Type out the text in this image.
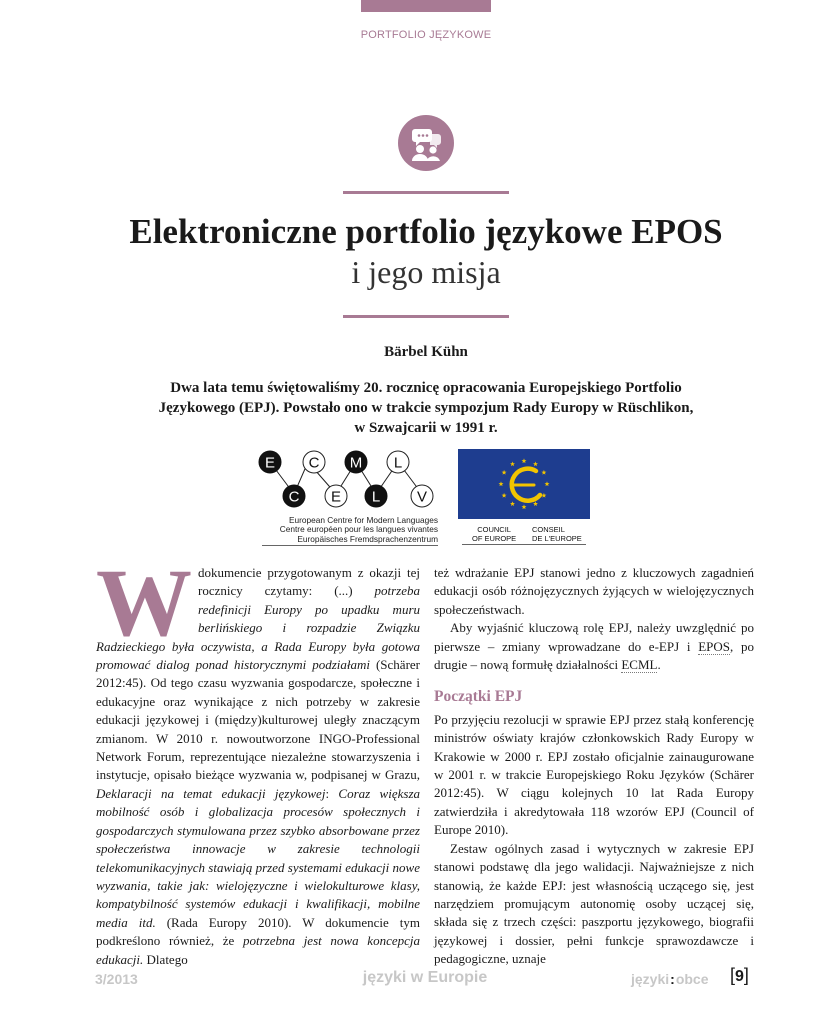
PORTFOLIO JĘZYKOWE
Elektroniczne portfolio językowe EPOS
i jego misja
Bärbel Kühn
Dwa lata temu świętowaliśmy 20. rocznicę opracowania Europejskiego Portfolio
Językowego (EPJ). Powstało ono w trakcie sympozjum Rady Europy w Rüschlikon,
w Szwajcarii w 1991 r.
E C M L
C E L V
European Centre for Modern Languages
Centre européen pour les langues vivantes
Europäisches Fremdsprachenzentrum
COUNCIL
OF EUROPE
CONSEIL
DE L'EUROPE

Wdokumencie przygotowanym z okazji tej rocznicy czytamy: (...) potrzeba redefinicji Europy po upadku muru berlińskiego i rozpadzie Związku Radzieckiego była oczywista, a Rada Europy była gotowa promować dialog ponad historycznymi podziałami (Schärer 2012:45). Od tego czasu wyzwania gospodarcze, społeczne i edukacyjne oraz wynikające z nich potrzeby w zakresie edukacji językowej i (między)kulturowej uległy znaczącym zmianom. W 2010 r. nowoutworzone INGO-Professional Network Forum, reprezentujące niezależne stowarzyszenia i instytucje, opisało bieżące wyzwania w, podpisanej w Grazu, Deklaracji na temat edukacji językowej: Coraz większa mobilność osób i globalizacja procesów społecznych i gospodarczych stymulowana przez szybko absorbowane przez społeczeństwa innowacje w zakresie technologii telekomunikacyjnych stawiają przed systemami edukacji nowe wyzwania, takie jak: wielojęzyczne i wielokulturowe klasy, kompatybilność systemów edukacji i kwalifikacji, mobilne media itd. (Rada Europy 2010). W dokumencie tym podkreślono również, że potrzebna jest nowa koncepcja edukacji. Dlatego

też wdrażanie EPJ stanowi jedno z kluczowych zagadnień edukacji osób różnojęzycznych żyjących w wielojęzycznych społeczeństwach.

Aby wyjaśnić kluczową rolę EPJ, należy uwzględnić po pierwsze – zmiany wprowadzane do e-EPJ i EPOS, po drugie – nową formułę działalności ECML.

Początki EPJ

Po przyjęciu rezolucji w sprawie EPJ przez stałą konferencję ministrów oświaty krajów członkowskich Rady Europy w Krakowie w 2000 r. EPJ zostało oficjalnie zainaugurowane w 2001 r. w trakcie Europejskiego Roku Języków (Schärer 2012:45). W ciągu kolejnych 10 lat Rada Europy zatwierdziła i akredytowała 118 wzorów EPJ (Council of Europe 2010).

Zestaw ogólnych zasad i wytycznych w zakresie EPJ stanowi podstawę dla jego walidacji. Najważniejsze z nich stanowią, że każde EPJ: jest własnością uczącego się, jest narzędziem promującym autonomię osoby uczącej się, składa się z trzech części: paszportu językowego, biografii językowej i dossier, pełni funkcje sprawozdawcze i pedagogiczne, uznaje

3/2013	języki w Europie	języki:obce [9]
